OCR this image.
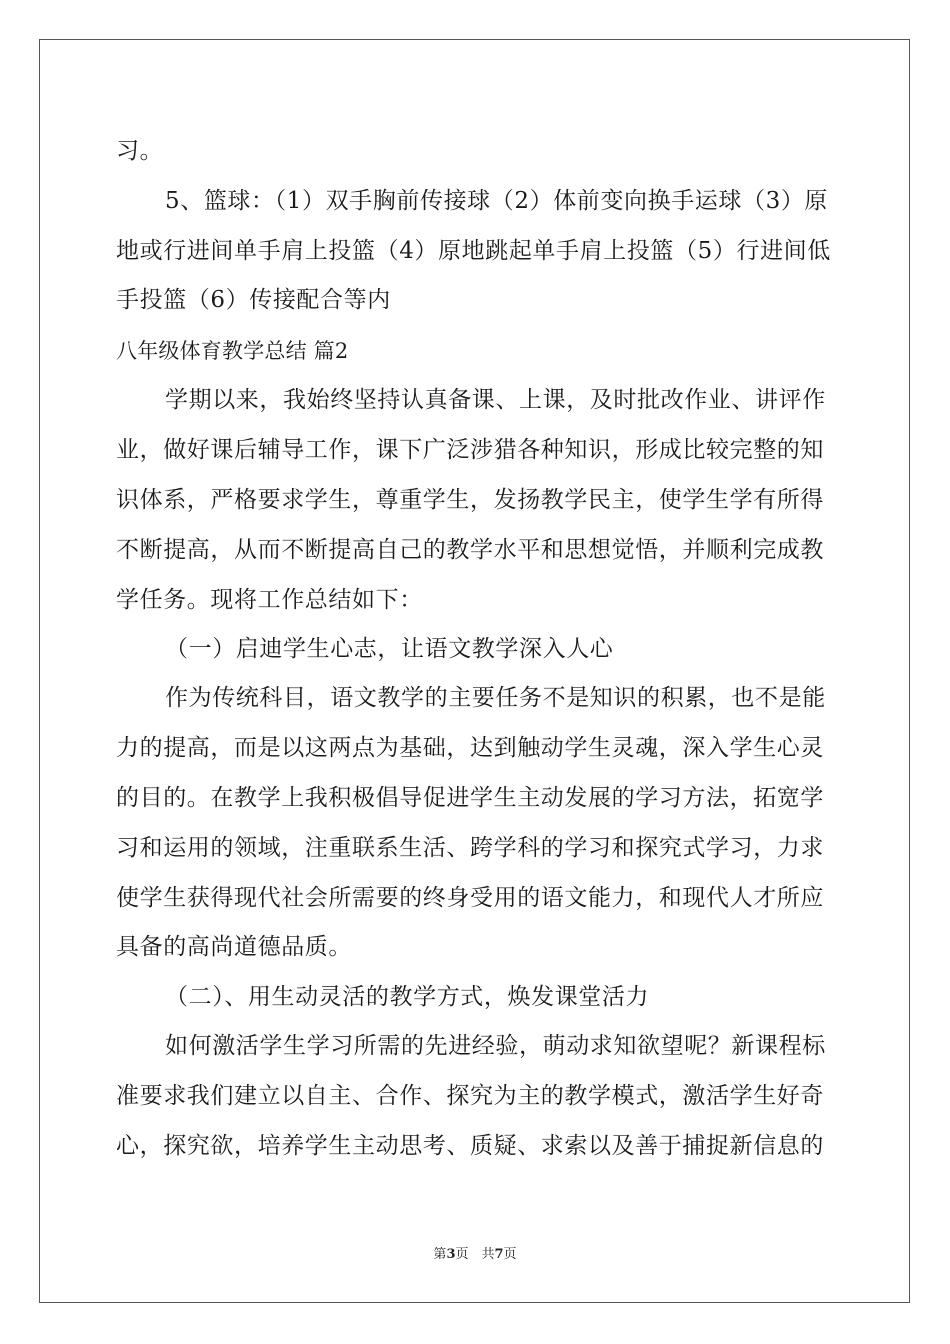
习。
5、篮球：（1）双手胸前传接球（2）体前变向换手运球（3）原
地或行进间单手肩上投篮（4）原地跳起单手肩上投篮（5）行进间低
手投篮（6）传接配合等内
八年级体育教学总结 篇2
学期以来，我始终坚持认真备课、上课，及时批改作业、讲评作
业，做好课后辅导工作，课下广泛涉猎各种知识，形成比较完整的知
识体系，严格要求学生，尊重学生，发扬教学民主，使学生学有所得
不断提高，从而不断提高自己的教学水平和思想觉悟，并顺利完成教
学任务。现将工作总结如下：
（一）启迪学生心志，让语文教学深入人心
作为传统科目，语文教学的主要任务不是知识的积累，也不是能
力的提高，而是以这两点为基础，达到触动学生灵魂，深入学生心灵
的目的。在教学上我积极倡导促进学生主动发展的学习方法，拓宽学
习和运用的领域，注重联系生活、跨学科的学习和探究式学习，力求
使学生获得现代社会所需要的终身受用的语文能力，和现代人才所应
具备的高尚道德品质。
（二）、用生动灵活的教学方式，焕发课堂活力
如何激活学生学习所需的先进经验，萌动求知欲望呢？新课程标
准要求我们建立以自主、合作、探究为主的教学模式，激活学生好奇
心，探究欲，培养学生主动思考、质疑、求索以及善于捕捉新信息的
第3页　共7页
